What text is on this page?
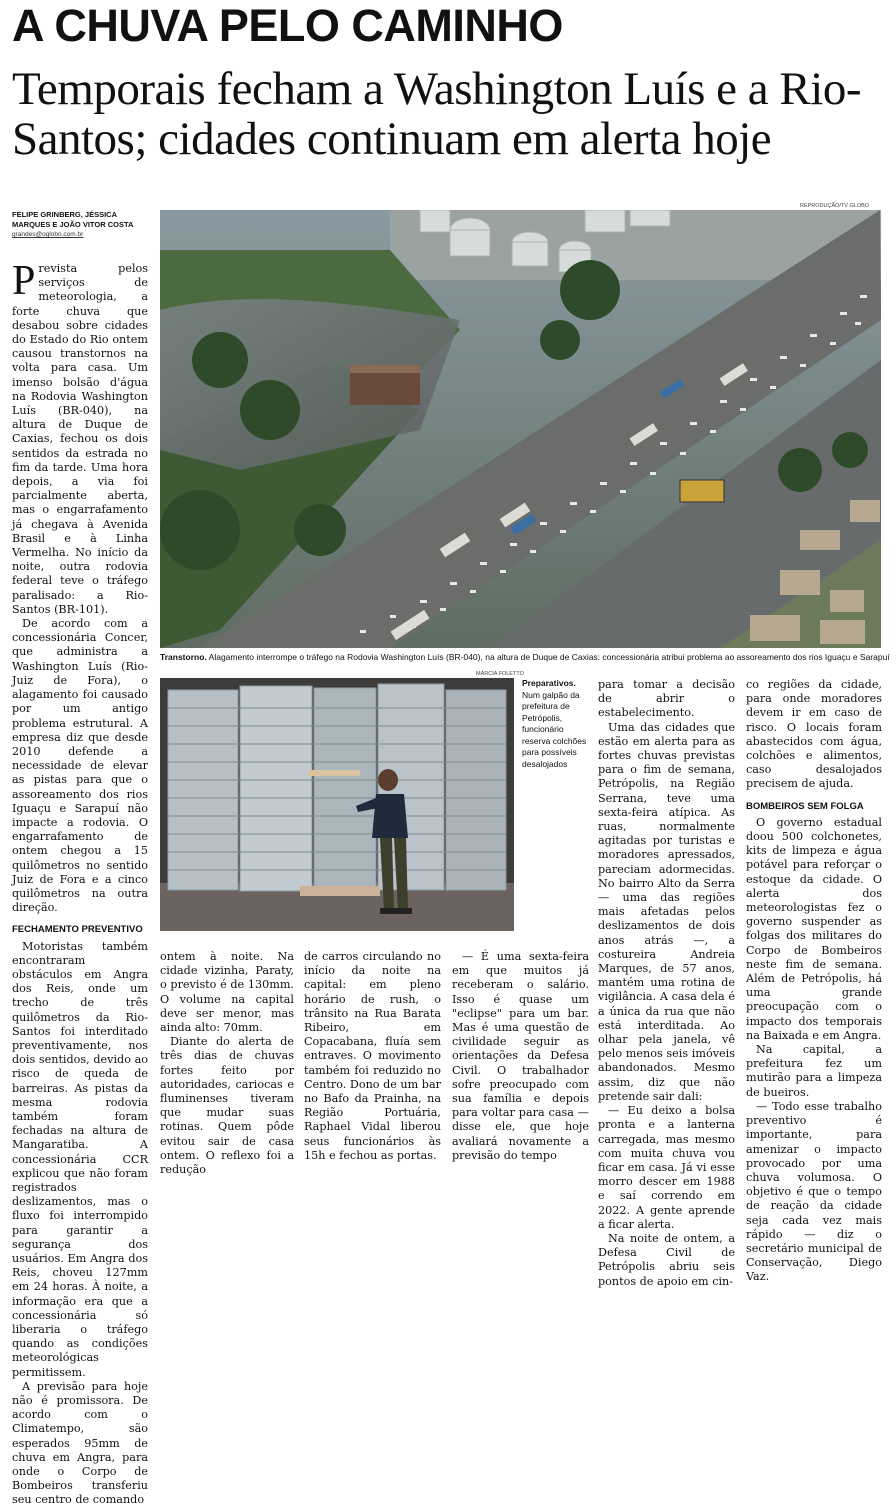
A CHUVA PELO CAMINHO
Temporais fecham a Washington Luís e a Rio-Santos; cidades continuam em alerta hoje
FELIPE GRINBERG, JÉSSICA MARQUES E JOÃO VITOR COSTA
grandes@oglobo.com.br

Prevista pelos serviços de meteorologia, a forte chuva que desabou sobre cidades do Estado do Rio ontem causou transtornos na volta para casa. Um imenso bolsão d'água na Rodovia Washington Luís (BR-040), na altura de Duque de Caxias, fechou os dois sentidos da estrada no fim da tarde. Uma hora depois, a via foi parcialmente aberta, mas o engarrafamento já chegava à Avenida Brasil e à Linha Vermelha. No início da noite, outra rodovia federal teve o tráfego paralisado: a Rio-Santos (BR-101).

De acordo com a concessionária Concer, que administra a Washington Luís (Rio-Juiz de Fora), o alagamento foi causado por um antigo problema estrutural. A empresa diz que desde 2010 defende a necessidade de elevar as pistas para que o assoreamento dos rios Iguaçu e Sarapuí não impacte a rodovia. O engarrafamento de ontem chegou a 15 quilômetros no sentido Juiz de Fora e a cinco quilômetros na outra direção.

FECHAMENTO PREVENTIVO

Motoristas também encontraram obstáculos em Angra dos Reis, onde um trecho de três quilômetros da Rio-Santos foi interditado preventivamente, nos dois sentidos, devido ao risco de queda de barreiras. As pistas da mesma rodovia também foram fechadas na altura de Mangaratiba. A concessionária CCR explicou que não foram registrados deslizamentos, mas o fluxo foi interrompido para garantir a segurança dos usuários. Em Angra dos Reis, choveu 127mm em 24 horas. À noite, a informação era que a concessionária só liberaria o tráfego quando as condições meteorológicas permitissem.

A previsão para hoje não é promissora. De acordo com o Climatempo, são esperados 95mm de chuva em Angra, para onde o Corpo de Bombeiros transferiu seu centro de comando

REPRODUÇÃO/TV GLOBO
Transtorno. Alagamento interrompe o tráfego na Rodovia Washington Luís (BR-040), na altura de Duque de Caxias: concessionária atribui problema ao assoreamento dos rios Iguaçu e Sarapuí
MÁRCIA FOLETTO
Preparativos.
Num galpão da prefeitura de Petrópolis, funcionário reserva colchões para possíveis desalojados

ontem à noite. Na cidade vizinha, Paraty, o previsto é de 130mm. O volume na capital deve ser menor, mas ainda alto: 70mm.

Diante do alerta de três dias de chuvas fortes feito por autoridades, cariocas e fluminenses tiveram que mudar suas rotinas. Quem pôde evitou sair de casa ontem. O reflexo foi a redução

de carros circulando no início da noite na capital: em pleno horário de rush, o trânsito na Rua Barata Ribeiro, em Copacabana, fluía sem entraves. O movimento também foi reduzido no Centro. Dono de um bar no Bafo da Prainha, na Região Portuária, Raphael Vidal liberou seus funcionários às 15h e fechou as portas.

— É uma sexta-feira em que muitos já receberam o salário. Isso é quase um "eclipse" para um bar. Mas é uma questão de civilidade seguir as orientações da Defesa Civil. O trabalhador sofre preocupado com sua família e depois para voltar para casa — disse ele, que hoje avaliará novamente a previsão do tempo

para tomar a decisão de abrir o estabelecimento.

Uma das cidades que estão em alerta para as fortes chuvas previstas para o fim de semana, Petrópolis, na Região Serrana, teve uma sexta-feira atípica. As ruas, normalmente agitadas por turistas e moradores apressados, pareciam adormecidas. No bairro Alto da Serra — uma das regiões mais afetadas pelos deslizamentos de dois anos atrás —, a costureira Andreia Marques, de 57 anos, mantém uma rotina de vigilância. A casa dela é a única da rua que não está interditada. Ao olhar pela janela, vê pelo menos seis imóveis abandonados. Mesmo assim, diz que não pretende sair dali:

— Eu deixo a bolsa pronta e a lanterna carregada, mas mesmo com muita chuva vou ficar em casa. Já vi esse morro descer em 1988 e saí correndo em 2022. A gente aprende a ficar alerta.

Na noite de ontem, a Defesa Civil de Petrópolis abriu seis pontos de apoio em cin-

co regiões da cidade, para onde moradores devem ir em caso de risco. O locais foram abastecidos com água, colchões e alimentos, caso desalojados precisem de ajuda.

BOMBEIROS SEM FOLGA

O governo estadual doou 500 colchonetes, kits de limpeza e água potável para reforçar o estoque da cidade. O alerta dos meteorologistas fez o governo suspender as folgas dos militares do Corpo de Bombeiros neste fim de semana. Além de Petrópolis, há uma grande preocupação com o impacto dos temporais na Baixada e em Angra.

Na capital, a prefeitura fez um mutirão para a limpeza de bueiros.

— Todo esse trabalho preventivo é importante, para amenizar o impacto provocado por uma chuva volumosa. O objetivo é que o tempo de reação da cidade seja cada vez mais rápido — diz o secretário municipal de Conservação, Diego Vaz.
